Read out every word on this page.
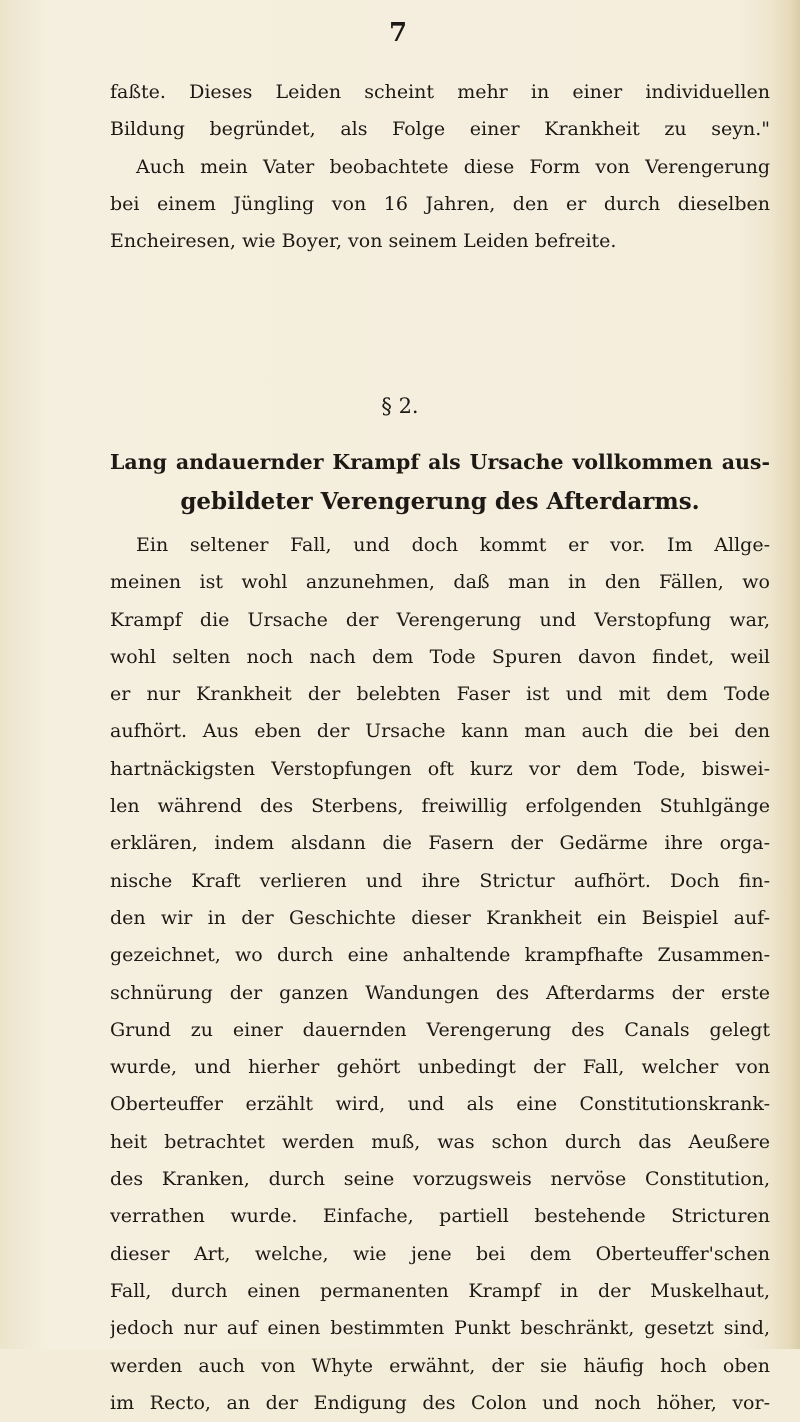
7
faßte. Dieses Leiden scheint mehr in einer individuellen
Bildung begründet, als Folge einer Krankheit zu seyn."
Auch mein Vater beobachtete diese Form von Verengerung
bei einem Jüngling von 16 Jahren, den er durch dieselben
Encheiresen, wie Boyer, von seinem Leiden befreite.
§ 2.
Lang andauernder Krampf als Ursache vollkommen aus-
gebildeter Verengerung des Afterdarms.
Ein seltener Fall, und doch kommt er vor. Im Allge-
meinen ist wohl anzunehmen, daß man in den Fällen, wo
Krampf die Ursache der Verengerung und Verstopfung war,
wohl selten noch nach dem Tode Spuren davon findet, weil
er nur Krankheit der belebten Faser ist und mit dem Tode
aufhört. Aus eben der Ursache kann man auch die bei den
hartnäckigsten Verstopfungen oft kurz vor dem Tode, biswei-
len während des Sterbens, freiwillig erfolgenden Stuhlgänge
erklären, indem alsdann die Fasern der Gedärme ihre orga-
nische Kraft verlieren und ihre Strictur aufhört. Doch fin-
den wir in der Geschichte dieser Krankheit ein Beispiel auf-
gezeichnet, wo durch eine anhaltende krampfhafte Zusammen-
schnürung der ganzen Wandungen des Afterdarms der erste
Grund zu einer dauernden Verengerung des Canals gelegt
wurde, und hierher gehört unbedingt der Fall, welcher von
Oberteuffer erzählt wird, und als eine Constitutionskrank-
heit betrachtet werden muß, was schon durch das Aeußere
des Kranken, durch seine vorzugsweis nervöse Constitution,
verrathen wurde. Einfache, partiell bestehende Stricturen
dieser Art, welche, wie jene bei dem Oberteuffer'schen
Fall, durch einen permanenten Krampf in der Muskelhaut,
jedoch nur auf einen bestimmten Punkt beschränkt, gesetzt sind,
werden auch von Whyte erwähnt, der sie häufig hoch oben
im Recto, an der Endigung des Colon und noch höher, vor-
